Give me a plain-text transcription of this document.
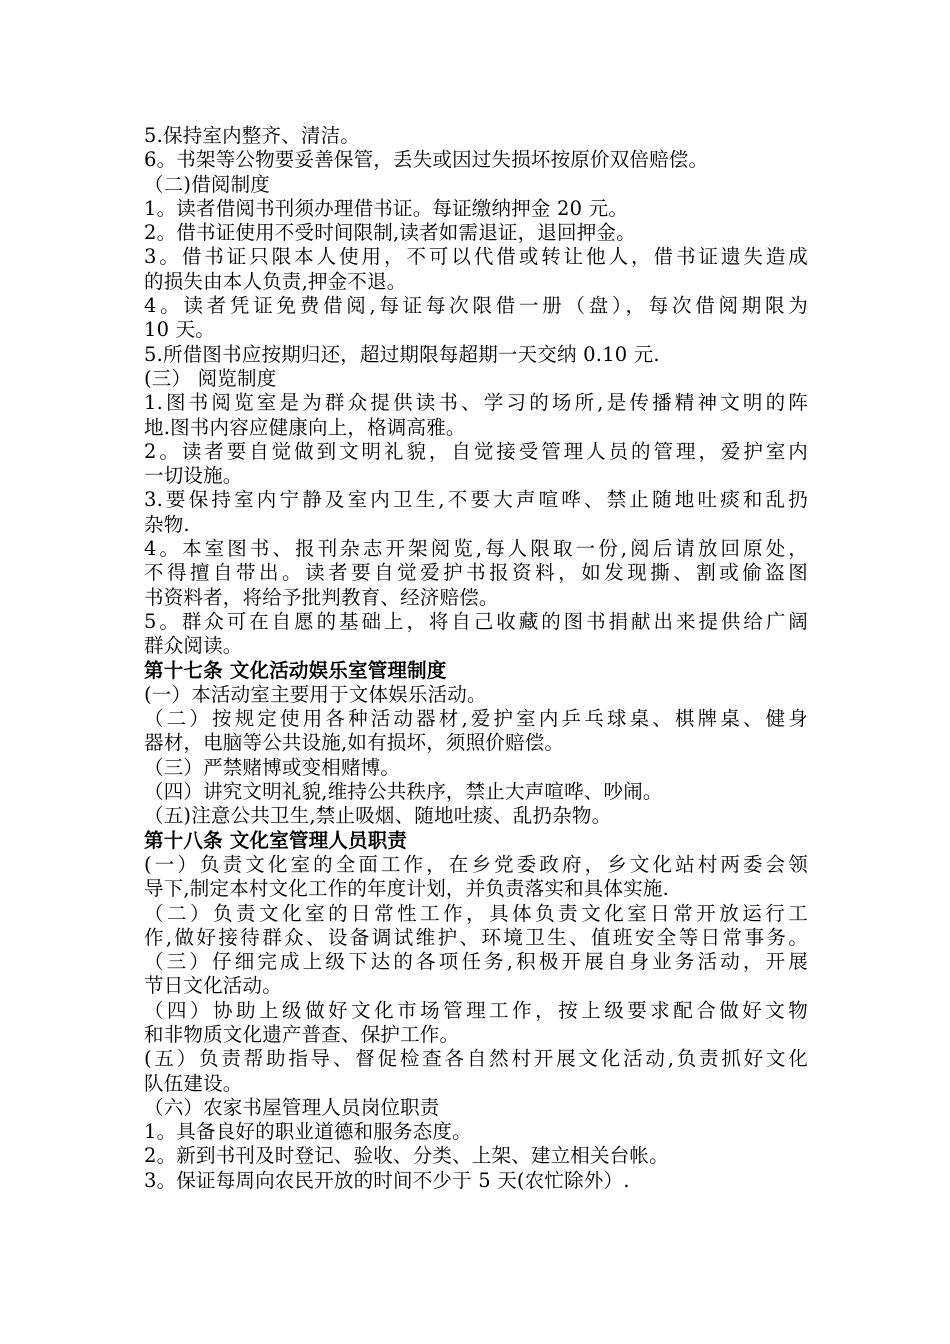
5.保持室内整齐、清洁。
6。书架等公物要妥善保管，丢失或因过失损坏按原价双倍赔偿。
（二)借阅制度
1。读者借阅书刊须办理借书证。每证缴纳押金 20 元。
2。借书证使用不受时间限制,读者如需退证，退回押金。
3。借书证只限本人使用，不可以代借或转让他人，借书证遗失造成
的损失由本人负责,押金不退。
4。读者凭证免费借阅,每证每次限借一册（盘），每次借阅期限为
10 天。
5.所借图书应按期归还，超过期限每超期一天交纳 0.10 元.
(三） 阅览制度
1.图书阅览室是为群众提供读书、学习的场所,是传播精神文明的阵
地.图书内容应健康向上，格调高雅。
2。读者要自觉做到文明礼貌，自觉接受管理人员的管理，爱护室内
一切设施。
3.要保持室内宁静及室内卫生,不要大声喧哗、禁止随地吐痰和乱扔
杂物.
4。本室图书、报刊杂志开架阅览,每人限取一份,阅后请放回原处，
不得擅自带出。读者要自觉爱护书报资料，如发现撕、割或偷盗图
书资料者，将给予批判教育、经济赔偿。
5。群众可在自愿的基础上，将自己收藏的图书捐献出来提供给广阔
群众阅读。
第十七条 文化活动娱乐室管理制度
(一）本活动室主要用于文体娱乐活动。
（二）按规定使用各种活动器材,爱护室内乒乓球桌、棋牌桌、健身
器材，电脑等公共设施,如有损坏，须照价赔偿。
（三）严禁赌博或变相赌博。
（四）讲究文明礼貌,维持公共秩序，禁止大声喧哗、吵闹。
（五)注意公共卫生,禁止吸烟、随地吐痰、乱扔杂物。
第十八条 文化室管理人员职责
(一）负责文化室的全面工作，在乡党委政府，乡文化站村两委会领
导下,制定本村文化工作的年度计划，并负责落实和具体实施.
（二）负责文化室的日常性工作，具体负责文化室日常开放运行工
作,做好接待群众、设备调试维护、环境卫生、值班安全等日常事务。
（三）仔细完成上级下达的各项任务,积极开展自身业务活动，开展
节日文化活动。
（四）协助上级做好文化市场管理工作，按上级要求配合做好文物
和非物质文化遗产普查、保护工作。
(五）负责帮助指导、督促检查各自然村开展文化活动,负责抓好文化
队伍建设。
（六）农家书屋管理人员岗位职责
1。具备良好的职业道德和服务态度。
2。新到书刊及时登记、验收、分类、上架、建立相关台帐。
3。保证每周向农民开放的时间不少于 5 天(农忙除外）.
